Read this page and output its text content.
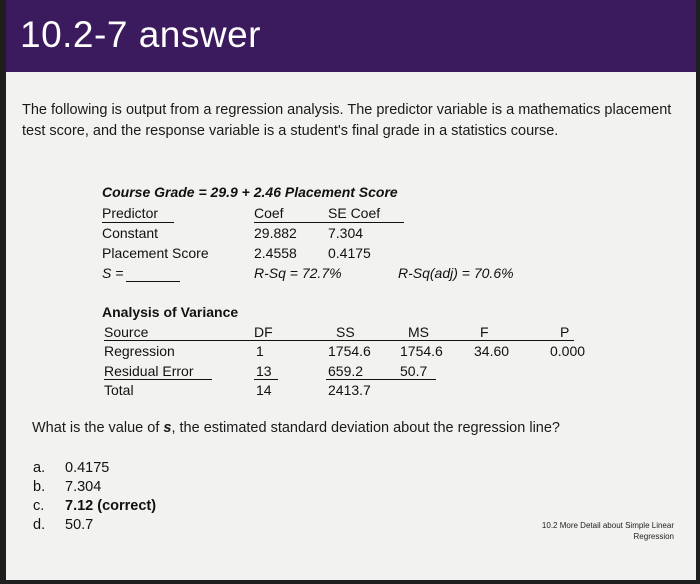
10.2-7 answer
The following is output from a regression analysis. The predictor variable is a mathematics placement test score, and the response variable is a student's final grade in a statistics course.
Course Grade = 29.9 + 2.46 Placement Score
Predictor	Coef	SE Coef
Constant	29.882 7.304
Placement Score	2.4558 0.4175
S =	R-Sq = 72.7%	R-Sq(adj) = 70.6%
Analysis of Variance
Source	DF	SS	MS	F	P
Regression	1	1754.6 1754.6 34.60	0.000
Residual Error	13	659.2	50.7
Total	14	2413.7
What is the value of s, the estimated standard deviation about the regression line?
a. 0.4175
b. 7.304
c. 7.12 (correct)
d. 50.7	10.2 More Detail about Simple Linear
Regression
